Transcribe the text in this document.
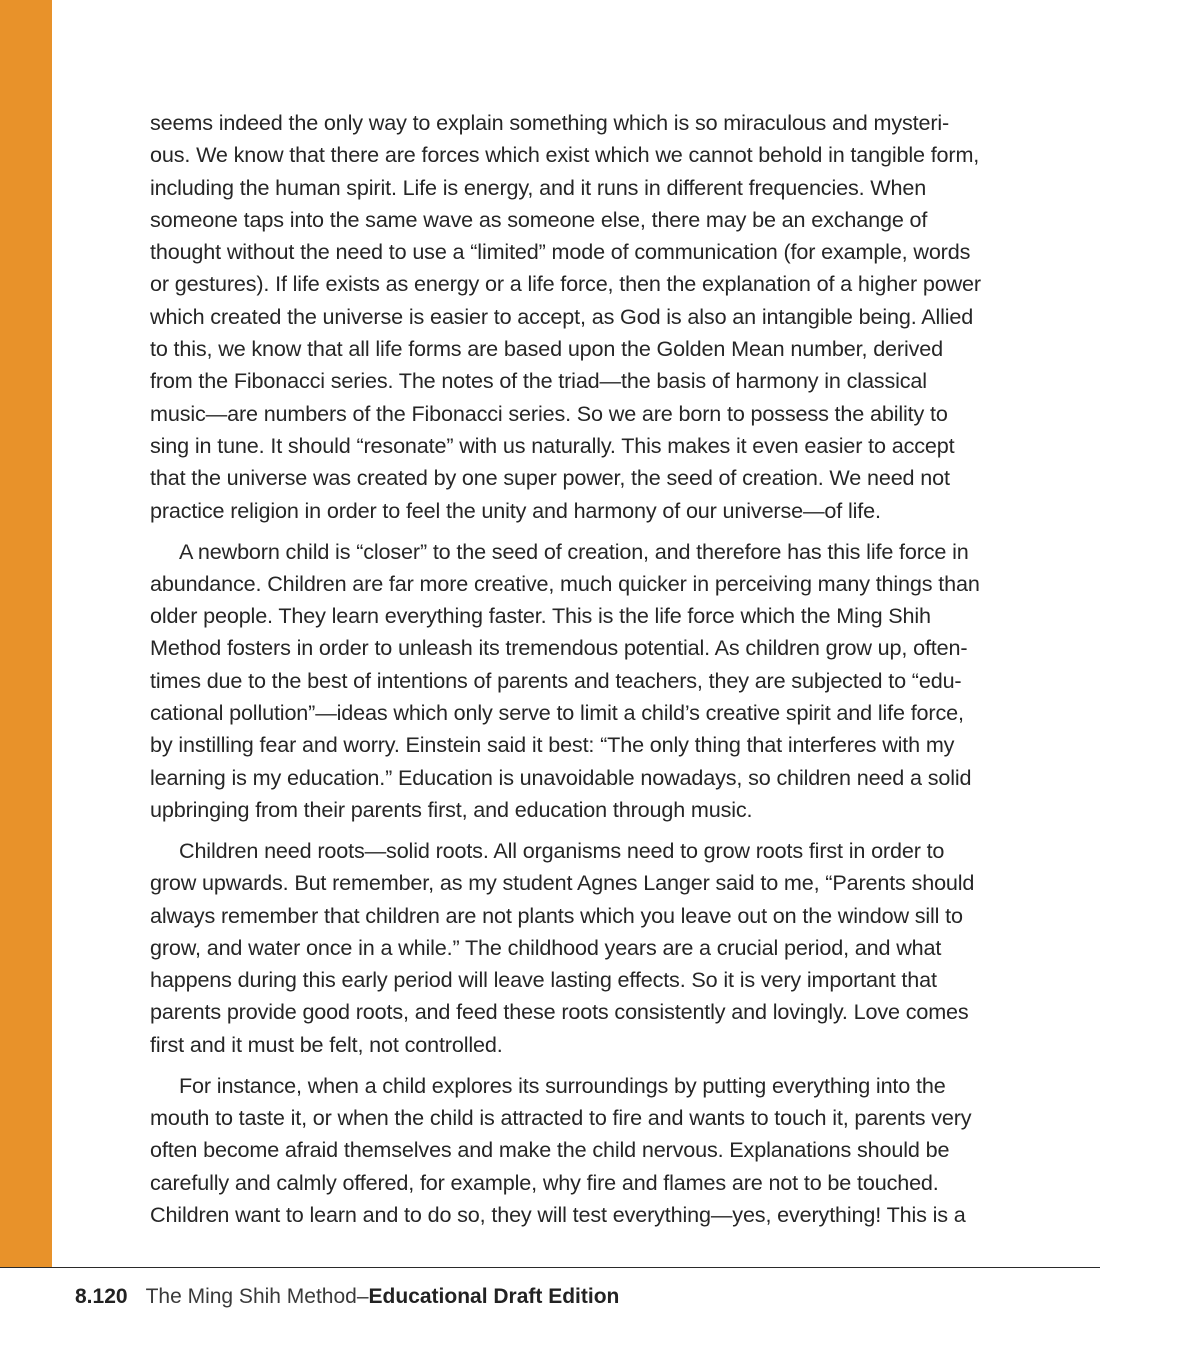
seems indeed the only way to explain something which is so miraculous and mysteri-
ous. We know that there are forces which exist which we cannot behold in tangible form,
including the human spirit. Life is energy, and it runs in different frequencies. When
someone taps into the same wave as someone else, there may be an exchange of
thought without the need to use a “limited” mode of communication (for example, words
or gestures). If life exists as energy or a life force, then the explanation of a higher power
which created the universe is easier to accept, as God is also an intangible being. Allied
to this, we know that all life forms are based upon the Golden Mean number, derived
from the Fibonacci series. The notes of the triad—the basis of harmony in classical
music—are numbers of the Fibonacci series. So we are born to possess the ability to
sing in tune. It should “resonate” with us naturally. This makes it even easier to accept
that the universe was created by one super power, the seed of creation. We need not
practice religion in order to feel the unity and harmony of our universe—of life.
A newborn child is “closer” to the seed of creation, and therefore has this life force in
abundance. Children are far more creative, much quicker in perceiving many things than
older people. They learn everything faster. This is the life force which the Ming Shih
Method fosters in order to unleash its tremendous potential. As children grow up, often-
times due to the best of intentions of parents and teachers, they are subjected to “edu-
cational pollution”—ideas which only serve to limit a child’s creative spirit and life force,
by instilling fear and worry. Einstein said it best: “The only thing that interferes with my
learning is my education.” Education is unavoidable nowadays, so children need a solid
upbringing from their parents first, and education through music.
Children need roots—solid roots. All organisms need to grow roots first in order to
grow upwards. But remember, as my student Agnes Langer said to me, “Parents should
always remember that children are not plants which you leave out on the window sill to
grow, and water once in a while.” The childhood years are a crucial period, and what
happens during this early period will leave lasting effects. So it is very important that
parents provide good roots, and feed these roots consistently and lovingly. Love comes
first and it must be felt, not controlled.
For instance, when a child explores its surroundings by putting everything into the
mouth to taste it, or when the child is attracted to fire and wants to touch it, parents very
often become afraid themselves and make the child nervous. Explanations should be
carefully and calmly offered, for example, why fire and flames are not to be touched.
Children want to learn and to do so, they will test everything—yes, everything! This is a
8.120 The Ming Shih Method–Educational Draft Edition
